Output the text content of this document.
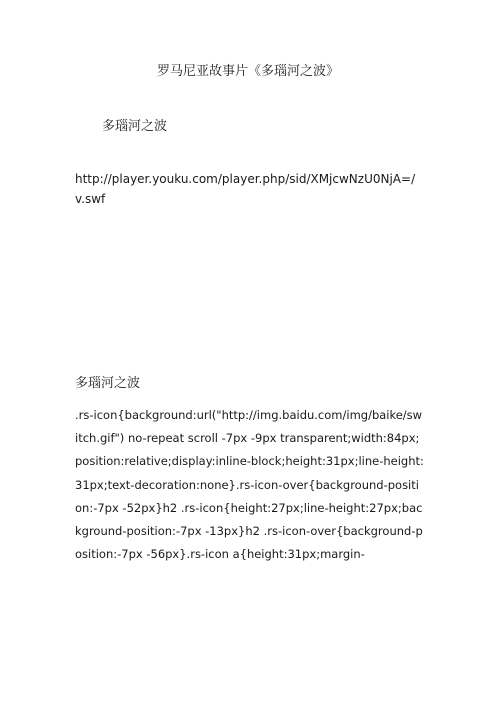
罗马尼亚故事片《多瑙河之波》

多瑙河之波

http://player.youku.com/player.php/sid/XMjcwNzU0NjA=/v.swf

多瑙河之波

.rs-icon{background:url("http://img.baidu.com/img/baike/switch.gif") no-repeat scroll -7px -9px transparent;width:84px;position:relative;display:inline-block;height:31px;line-height:31px;text-decoration:none}.rs-icon-over{background-position:-7px -52px}h2 .rs-icon{height:27px;line-height:27px;background-position:-7px -13px}h2 .rs-icon-over{background-position:-7px -56px}.rs-icon a{height:31px;margin-
